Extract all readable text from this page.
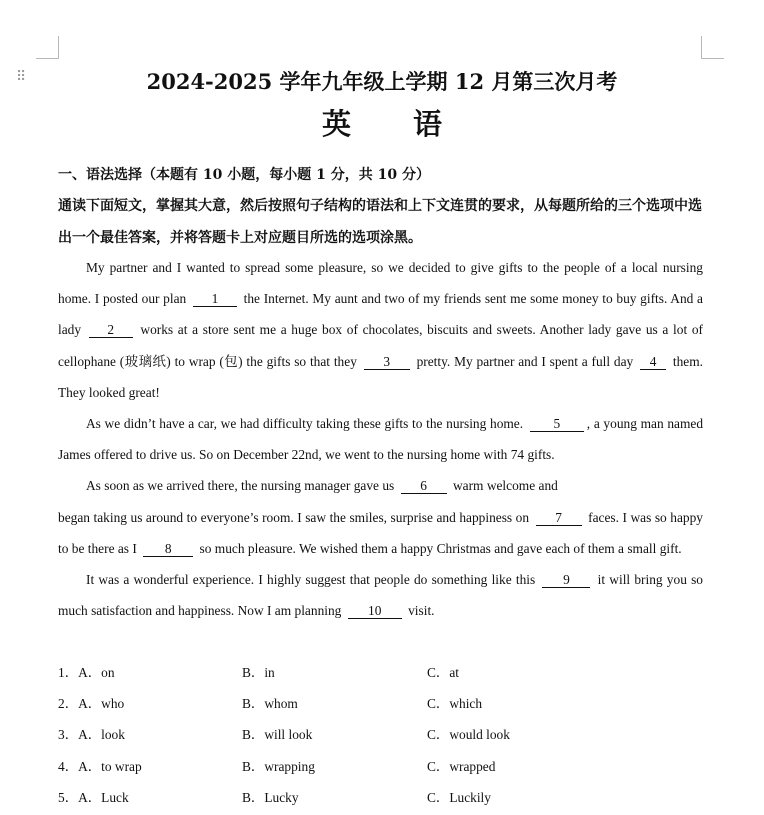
⠿	2024-2025 学年九年级上学期 12 月第三次月考
英 语
一、语法选择（本题有 10 小题，每小题 1 分，共 10 分）
通读下面短文，掌握其大意，然后按照句子结构的语法和上下文连贯的要求，从每题所给的三个选项中选出一个最佳答案，并将答题卡上对应题目所选的选项涂黑。

My partner and I wanted to spread some pleasure, so we decided to give gifts to the people of a local nursing home. I posted our plan 1 the Internet. My aunt and two of my friends sent me some money to buy gifts. And a lady 2 works at a store sent me a huge box of chocolates, biscuits and sweets. Another lady gave us a lot of cellophane (玻璃纸) to wrap (包) the gifts so that they 3 pretty. My partner and I spent a full day 4 them. They looked great!

As we didn’t have a car, we had difficulty taking these gifts to the nursing home. 5 , a young man named James offered to drive us. So on December 22nd, we went to the nursing home with 74 gifts.

As soon as we arrived there, the nursing manager gave us 6 warm welcome and

began taking us around to everyone’s room. I saw the smiles, surprise and happiness on 7 faces. I was so happy to be there as I 8 so much pleasure. We wished them a happy Christmas and gave each of them a small gift.

It was a wonderful experience. I highly suggest that people do something like this 9 it will bring you so much satisfaction and happiness. Now I am planning 10 visit.

1．A．on	B．in	C．at
2．A．who	B．whom	C．which
3．A．look	B．will look	C．would look
4．A．to wrap	B．wrapping	C．wrapped
5．A．Luck	B．Lucky	C．Luckily
